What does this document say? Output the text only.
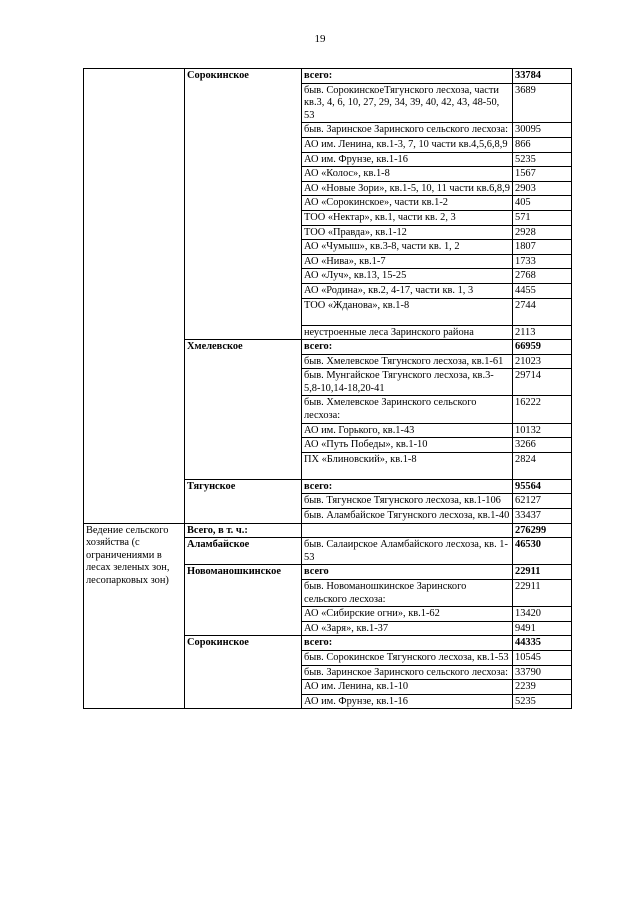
19
	Сорокинское	всего:	33784
		быв. СорокинскоеТягунского лесхоза, части кв.3, 4, 6, 10, 27, 29, 34, 39, 40, 42, 43, 48-50, 53	3689
		быв. Заринское Заринского сельского лесхоза:	30095
		АО им. Ленина, кв.1-3, 7, 10 части кв.4,5,6,8,9	866
		АО им. Фрунзе, кв.1-16	5235
		АО «Колос», кв.1-8	1567
		АО «Новые Зори», кв.1-5, 10, 11 части кв.6,8,9	2903
		АО «Сорокинское», части кв.1-2	405
		ТОО «Нектар», кв.1, части кв. 2, 3	571
		ТОО «Правда», кв.1-12	2928
		АО «Чумыш», кв.3-8, части кв. 1, 2	1807
		АО «Нива», кв.1-7	1733
		АО «Луч», кв.13, 15-25	2768
		АО «Родина», кв.2, 4-17, части кв. 1, 3	4455
		ТОО «Жданова», кв.1-8	2744
		неустроенные леса Заринского района	2113
	Хмелевское	всего:	66959
		быв. Хмелевское Тягунского лесхоза, кв.1-61	21023
		быв. Мунгайское Тягунского лесхоза, кв.3-5,8-10,14-18,20-41	29714
		быв. Хмелевское Заринского сельского лесхоза:	16222
		АО им. Горького, кв.1-43	10132
		АО «Путь Победы», кв.1-10	3266
		ПХ «Блиновский», кв.1-8	2824
	Тягунское	всего:	95564
		быв. Тягунское Тягунского лесхоза, кв.1-106	62127
		быв. Аламбайское Тягунского лесхоза, кв.1-40	33437
Ведение сельского хозяйства (с ограничениями в лесах зеленых зон, лесопарковых зон)	Всего, в т. ч.:		276299
	Аламбайское	быв. Салаирское Аламбайского лесхоза, кв. 1-53	46530
	Новоманошкинское	всего	22911
		быв. Новоманошкинское Заринского сельского лесхоза:	22911
		АО «Сибирские огни», кв.1-62	13420
		АО «Заря», кв.1-37	9491
	Сорокинское	всего:	44335
		быв. Сорокинское Тягунского лесхоза, кв.1-53	10545
		быв. Заринское Заринского сельского лесхоза:	33790
		АО им. Ленина, кв.1-10	2239
		АО им. Фрунзе, кв.1-16	5235
